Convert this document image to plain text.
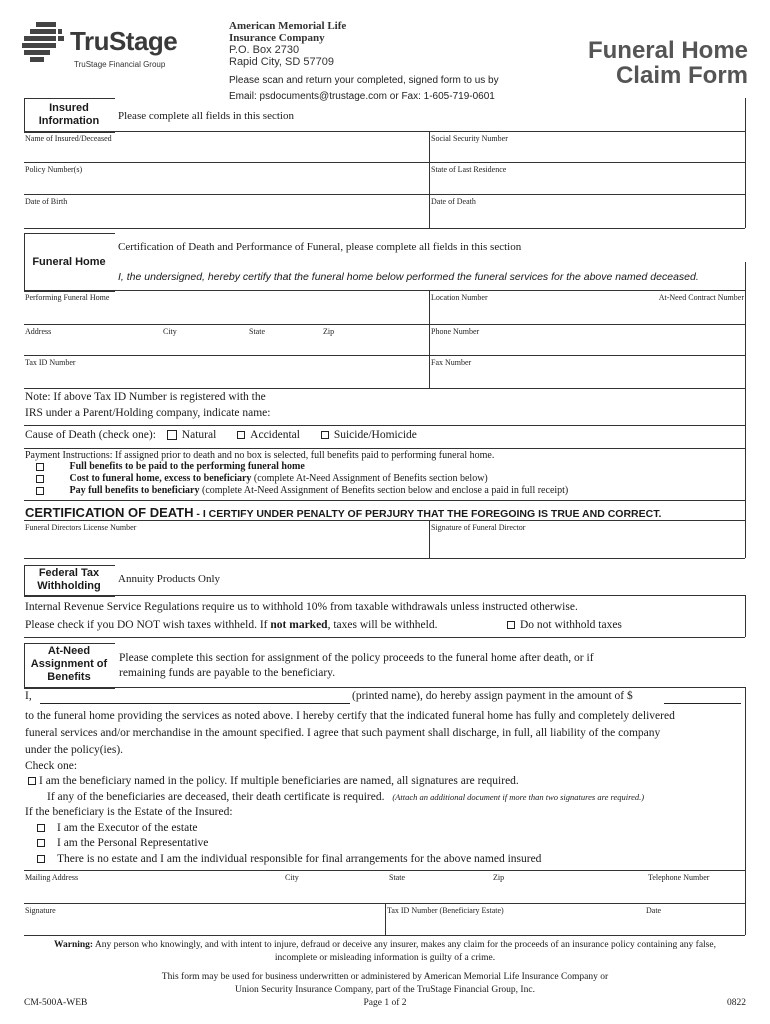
TruStage
TruStage Financial Group
American Memorial Life
Insurance Company
P.O. Box 2730
Rapid City, SD 57709
Please scan and return your completed, signed form to us by
Email: psdocuments@trustage.com or Fax: 1-605-719-0601
Funeral Home
Claim Form
Insured
Information	Please complete all fields in this section
Name of Insured/Deceased	Social Security Number
Policy Number(s)	State of Last Residence
Date of Birth	Date of Death
Funeral Home
Certification of Death and Performance of Funeral, please complete all fields in this section
I, the undersigned, hereby certify that the funeral home below performed the funeral services for the above named deceased.
Performing Funeral Home	Location Number	At-Need Contract Number
Address	City	State	Zip	Phone Number
Tax ID Number	Fax Number
Note: If above Tax ID Number is registered with the
IRS under a Parent/Holding company, indicate name:
Cause of Death (check one): Natural	Accidental	Suicide/Homicide
Payment Instructions: If assigned prior to death and no box is selected, full benefits paid to performing funeral home.
Full benefits to be paid to the performing funeral home
Cost to funeral home, excess to beneficiary (complete At-Need Assignment of Benefits section below)
Pay full benefits to beneficiary (complete At-Need Assignment of Benefits section below and enclose a paid in full receipt)
CERTIFICATION OF DEATH - I CERTIFY UNDER PENALTY OF PERJURY THAT THE FOREGOING IS TRUE AND CORRECT.
Funeral Directors License Number	Signature of Funeral Director
Federal Tax
Withholding
Annuity Products Only
Internal Revenue Service Regulations require us to withhold 10% from taxable withdrawals unless instructed otherwise.
Please check if you DO NOT wish taxes withheld. If not marked, taxes will be withheld.	Do not withhold taxes
At-Need
Assignment of
Benefits
Please complete this section for assignment of the policy proceeds to the funeral home after death, or if
remaining funds are payable to the beneficiary.
I,	(printed name), do hereby assign payment in the amount of $
to the funeral home providing the services as noted above. I hereby certify that the indicated funeral home has fully and completely delivered
funeral services and/or merchandise in the amount specified. I agree that such payment shall discharge, in full, all liability of the company
under the policy(ies).
Check one:
I am the beneficiary named in the policy. If multiple beneficiaries are named, all signatures are required.
If any of the beneficiaries are deceased, their death certificate is required. (Attach an additional document if more than two signatures are required.)
If the beneficiary is the Estate of the Insured:
I am the Executor of the estate
I am the Personal Representative
There is no estate and I am the individual responsible for final arrangements for the above named insured
Mailing Address	City	State	Zip	Telephone Number
Signature	Tax ID Number (Beneficiary Estate)	Date
Warning: Any person who knowingly, and with intent to injure, defraud or deceive any insurer, makes any claim for the proceeds of an insurance policy containing any false,
incomplete or misleading information is guilty of a crime.
This form may be used for business underwritten or administered by American Memorial Life Insurance Company or
Union Security Insurance Company, part of the TruStage Financial Group, Inc.
CM-500A-WEB	Page 1 of 2	0822
